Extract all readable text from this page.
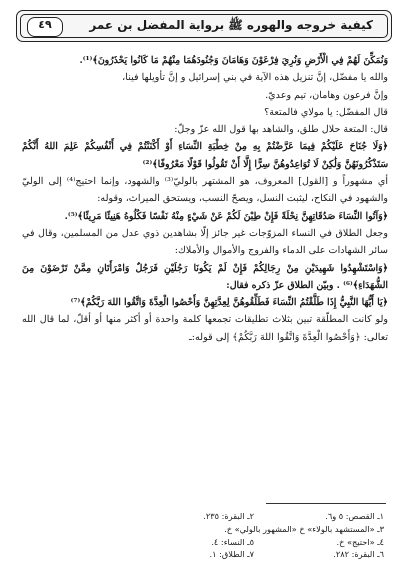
٤٩	كيفية خروجه والهوره ﷺ برواية المفضل بن عمر

وَنُمَكِّنَ لَهُمْ فِي الْأَرْضِ وَنُرِيَ فِرْعَوْنَ وَهَامَانَ وَجُنُودَهُمَا مِنْهُمْ مَا كَانُوا يَحْذَرُونَ﴾⁽¹⁾.

والله يا مفضّل، إنَّ تنزيل هذه الآية في بني إسرائيل و إنَّ تأويلها فينا،

وإنَّ فرعون وهامان، تيم وعديّ.

قال المفضّل: يا مولاي فالمتعة؟

قال: المتعة حلال طلق، والشاهد بها قول الله عزّ وجلّ:

﴿وَلَا جُنَاحَ عَلَيْكُمْ فِيمَا عَرَّضْتُمْ بِهِ مِنْ خِطْبَةِ النِّسَاءِ أَوْ أَكْنَنْتُمْ فِي أَنْفُسِكُمْ عَلِمَ اللهُ أَنَّكُمْ سَتَذْكُرُونَهُنَّ وَلَٰكِنْ لَا تُوَاعِدُوهُنَّ سِرًّا إِلَّا أَنْ تَقُولُوا قَوْلًا مَعْرُوفًا﴾⁽²⁾

أي مشهوراً و [القول] المعروف، هو المشتهر بالوليّ⁽³⁾ والشهود، وإنما احتيج⁽⁴⁾ إلى الوليّ والشهود في النكاح، ليثبت النسل، ويصحّ النسب، ويستحق الميراث، وقوله:

﴿وَآتُوا النِّسَاءَ صَدُقَاتِهِنَّ نِحْلَةً فَإِنْ طِبْنَ لَكُمْ عَنْ شَيْءٍ مِنْهُ نَفْسًا فَكُلُوهُ هَنِيئًا مَرِيئًا﴾⁽⁵⁾.

وجعل الطلاق في النساء المزوّجات غير جائز إلّا بشاهدين ذوي عدل من المسلمين، وقال في سائر الشهادات على الدماء والفروج والأموال والأملاك:

﴿وَاسْتَشْهِدُوا شَهِيدَيْنِ مِنْ رِجَالِكُمْ فَإِنْ لَمْ يَكُونَا رَجُلَيْنِ فَرَجُلٌ وَامْرَأَتَانِ مِمَّنْ تَرْضَوْنَ مِنَ الشُّهَدَاءِ﴾⁽⁶⁾ . وبيّن الطلاق عزّ ذكره فقال:

﴿يَا أَيُّهَا النَّبِيُّ إِذَا طَلَّقْتُمُ النِّسَاءَ فَطَلِّقُوهُنَّ لِعِدَّتِهِنَّ وَأَحْصُوا الْعِدَّةَ وَاتَّقُوا اللهَ رَبَّكُمْ﴾⁽⁷⁾

ولو كانت المطلّقة تبين بثلاث تطليقات تجمعها كلمة واحدة أو أكثر منها أو أقلّ، لما قال الله تعالى: ﴿وَأَحْصُوا الْعِدَّةَ وَاتَّقُوا اللهَ رَبَّكُمْ﴾ إلى قوله:ـ

١ـ القصص: ٥ و٦.
٢ـ البقرة: ٢٣٥.
٣ـ «المستشهد بالولاء» خ «المشهور بالولي» خ.
٤ـ «احتيج» خ.
٥ـ النساء: ٤.
٦ـ البقرة: ٢٨٢.
٧ـ الطلاق: ١.
